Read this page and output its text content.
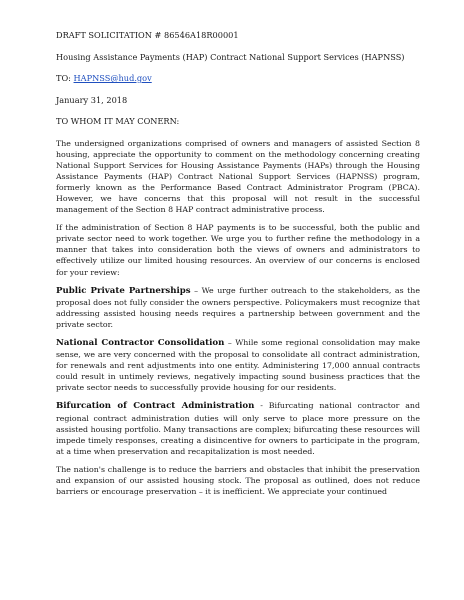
DRAFT SOLICITATION # 86546A18R00001

Housing Assistance Payments (HAP) Contract National Support Services (HAPNSS)

TO: HAPNSS@hud.gov

January 31, 2018

TO WHOM IT MAY CONERN:

The undersigned organizations comprised of owners and managers of assisted Section 8 housing, appreciate the opportunity to comment on the methodology concerning creating National Support Services for Housing Assistance Payments (HAPs) through the Housing Assistance Payments (HAP) Contract National Support Services (HAPNSS) program, formerly known as the Performance Based Contract Administrator Program (PBCA). However, we have concerns that this proposal will not result in the successful management of the Section 8 HAP contract administrative process.

If the administration of Section 8 HAP payments is to be successful, both the public and private sector need to work together. We urge you to further refine the methodology in a manner that takes into consideration both the views of owners and administrators to effectively utilize our limited housing resources. An overview of our concerns is enclosed for your review:

Public Private Partnerships – We urge further outreach to the stakeholders, as the proposal does not fully consider the owners perspective. Policymakers must recognize that addressing assisted housing needs requires a partnership between government and the private sector.

National Contractor Consolidation – While some regional consolidation may make sense, we are very concerned with the proposal to consolidate all contract administration, for renewals and rent adjustments into one entity. Administering 17,000 annual contracts could result in untimely reviews, negatively impacting sound business practices that the private sector needs to successfully provide housing for our residents.

Bifurcation of Contract Administration - Bifurcating national contractor and regional contract administration duties will only serve to place more pressure on the assisted housing portfolio. Many transactions are complex; bifurcating these resources will impede timely responses, creating a disincentive for owners to participate in the program, at a time when preservation and recapitalization is most needed.

The nation's challenge is to reduce the barriers and obstacles that inhibit the preservation and expansion of our assisted housing stock. The proposal as outlined, does not reduce barriers or encourage preservation – it is inefficient. We appreciate your continued
